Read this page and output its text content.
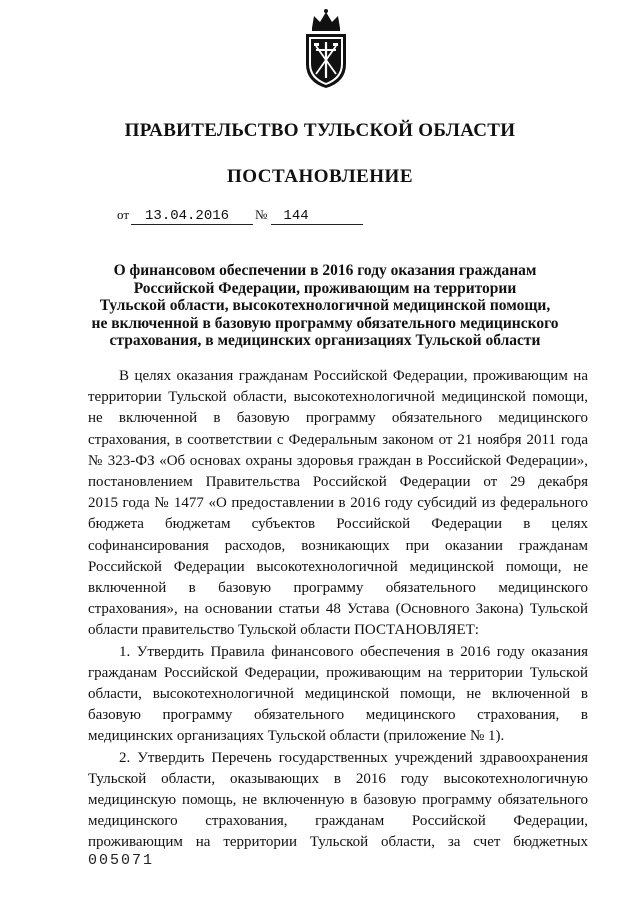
ПРАВИТЕЛЬСТВО ТУЛЬСКОЙ ОБЛАСТИ
ПОСТАНОВЛЕНИЕ
от 13.04.2016 № 144
О финансовом обеспечении в 2016 году оказания гражданам
Российской Федерации, проживающим на территории
Тульской области, высокотехнологичной медицинской помощи,
не включенной в базовую программу обязательного медицинского
страхования, в медицинских организациях Тульской области
В целях оказания гражданам Российской Федерации, проживающим на
территории Тульской области, высокотехнологичной медицинской помощи,
не включенной в базовую программу обязательного медицинского
страхования, в соответствии с Федеральным законом от 21 ноября 2011 года
№ 323-ФЗ «Об основах охраны здоровья граждан в Российской Федерации»,
постановлением Правительства Российской Федерации от 29 декабря
2015 года № 1477 «О предоставлении в 2016 году субсидий из федерального
бюджета бюджетам субъектов Российской Федерации в целях
софинансирования расходов, возникающих при оказании гражданам
Российской Федерации высокотехнологичной медицинской помощи, не
включенной в базовую программу обязательного медицинского
страхования», на основании статьи 48 Устава (Основного Закона) Тульской
области правительство Тульской области ПОСТАНОВЛЯЕТ:
1. Утвердить Правила финансового обеспечения в 2016 году оказания
гражданам Российской Федерации, проживающим на территории Тульской
области, высокотехнологичной медицинской помощи, не включенной в
базовую программу обязательного медицинского страхования, в
медицинских организациях Тульской области (приложение № 1).
2. Утвердить Перечень государственных учреждений здравоохранения
Тульской области, оказывающих в 2016 году высокотехнологичную
медицинскую помощь, не включенную в базовую программу обязательного
медицинского страхования, гражданам Российской Федерации,
проживающим на территории Тульской области, за счет бюджетных
005071
